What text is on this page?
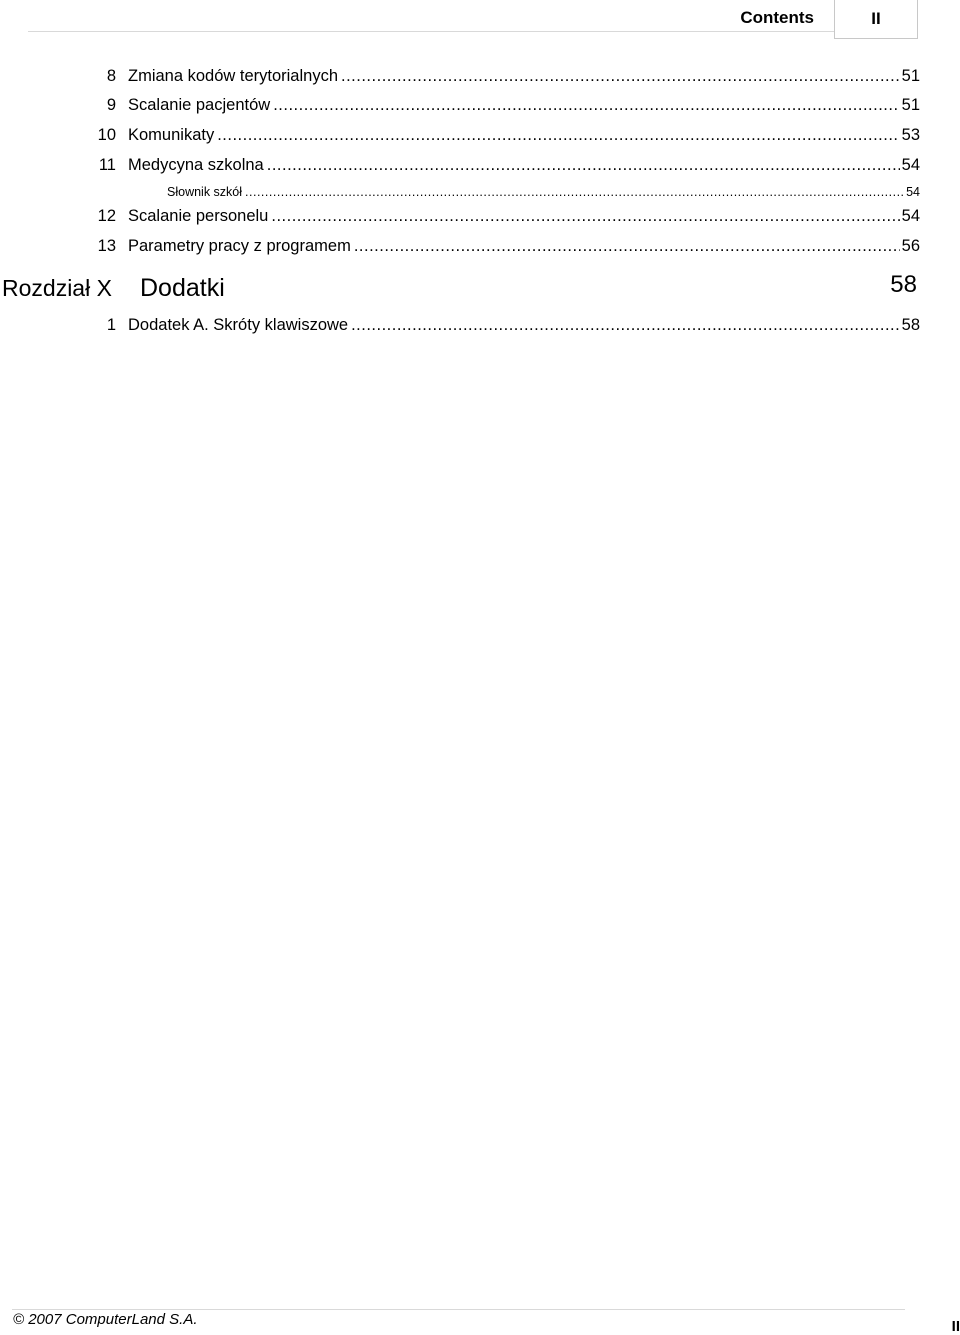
Contents	II
8 Zmiana kodów terytorialnych .....	51
9 Scalanie pacjentów .....	51
10 Komunikaty .....	53
11 Medycyna szkolna .....	54
Słownik szkół .....	54
12 Scalanie personelu .....	54
13 Parametry pracy z programem .....	56
Rozdział X Dodatki	58
1 Dodatek A. Skróty klawiszowe .....	58
© 2007 ComputerLand S.A.	II
